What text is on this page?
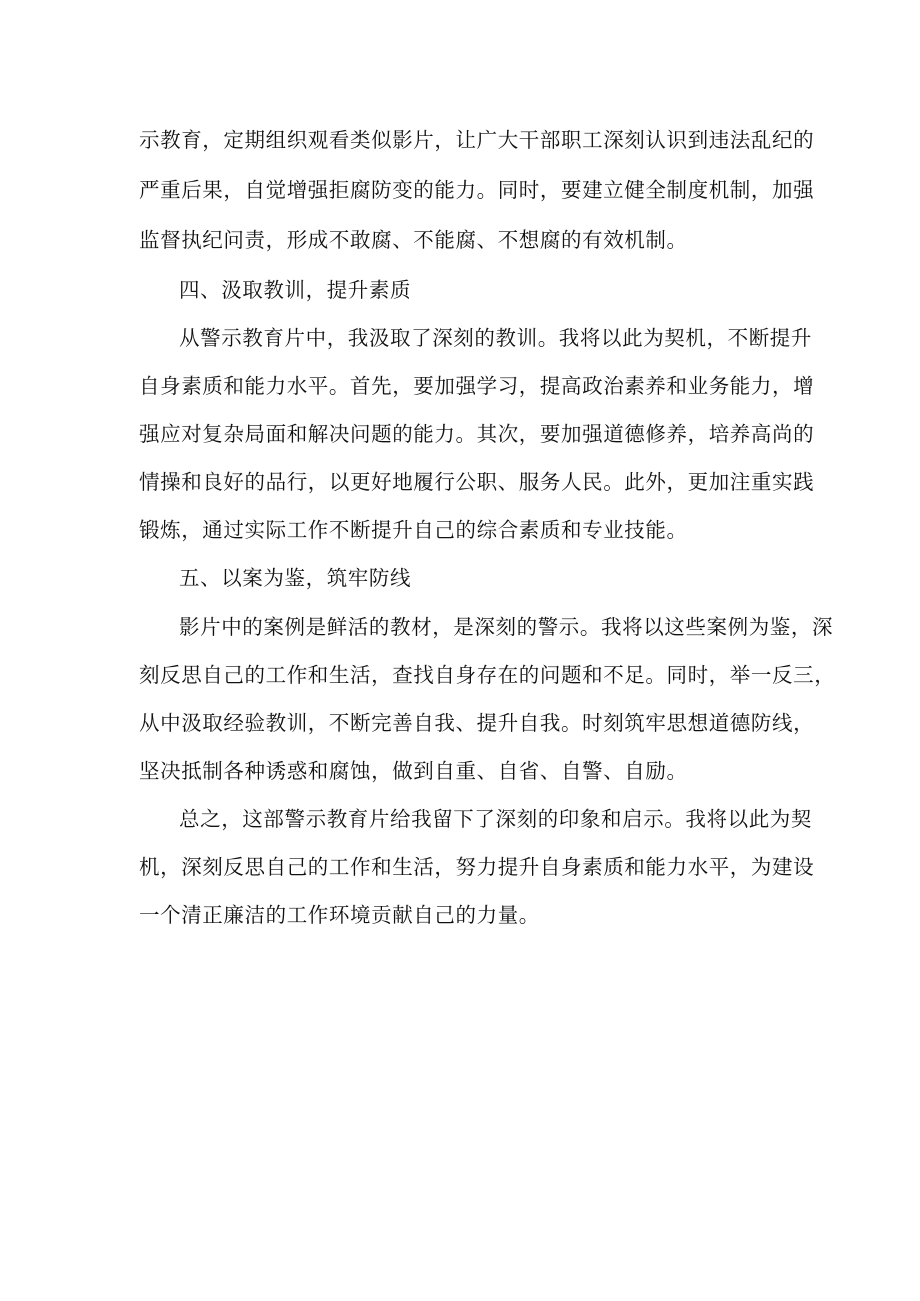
示教育，定期组织观看类似影片，让广大干部职工深刻认识到违法乱纪的
严重后果，自觉增强拒腐防变的能力。同时，要建立健全制度机制，加强
监督执纪问责，形成不敢腐、不能腐、不想腐的有效机制。
四、汲取教训，提升素质
从警示教育片中，我汲取了深刻的教训。我将以此为契机，不断提升
自身素质和能力水平。首先，要加强学习，提高政治素养和业务能力，增
强应对复杂局面和解决问题的能力。其次，要加强道德修养，培养高尚的
情操和良好的品行，以更好地履行公职、服务人民。此外，更加注重实践
锻炼，通过实际工作不断提升自己的综合素质和专业技能。
五、以案为鉴，筑牢防线
影片中的案例是鲜活的教材，是深刻的警示。我将以这些案例为鉴，深
刻反思自己的工作和生活，查找自身存在的问题和不足。同时，举一反三，
从中汲取经验教训，不断完善自我、提升自我。时刻筑牢思想道德防线，
坚决抵制各种诱惑和腐蚀，做到自重、自省、自警、自励。
总之，这部警示教育片给我留下了深刻的印象和启示。我将以此为契
机，深刻反思自己的工作和生活，努力提升自身素质和能力水平，为建设
一个清正廉洁的工作环境贡献自己的力量。
